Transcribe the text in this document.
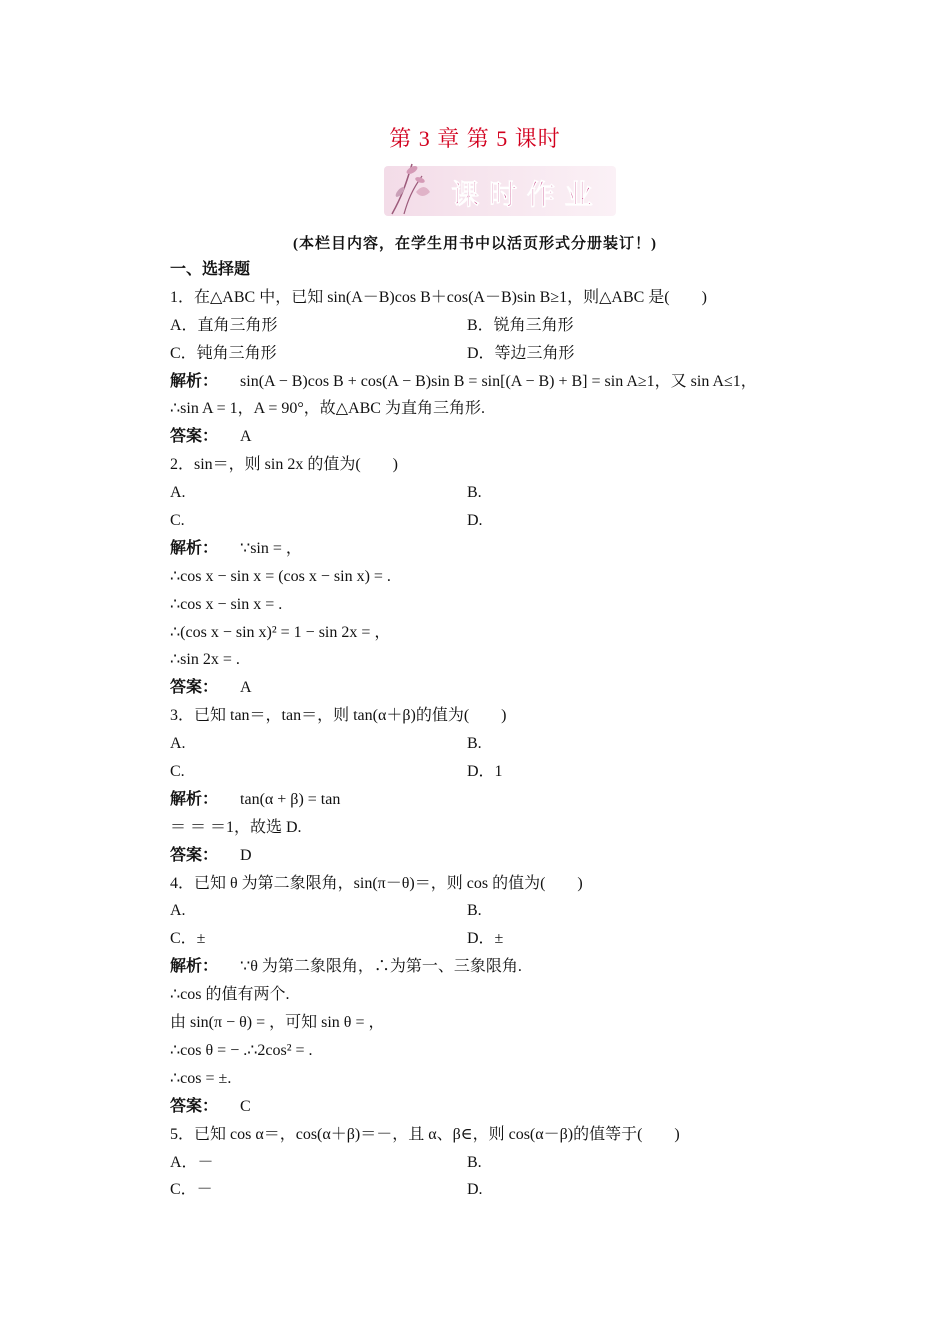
第 3 章 第 5 课时
课 时 作 业
(本栏目内容，在学生用书中以活页形式分册装订！)
一、选择题
1．在△ABC 中，已知 sin(A－B)cos B＋cos(A－B)sin B≥1，则△ABC 是(　　)
A．直角三角形	B．锐角三角形
C．钝角三角形	D．等边三角形
解析： sin(A − B)cos B + cos(A − B)sin B = sin[(A − B) + B] = sin A≥1，又 sin A≤1，
∴sin A = 1，A = 90°，故△ABC 为直角三角形.
答案： A
2．sin＝，则 sin 2x 的值为(　　)
A.	B.
C.	D.
解析： ∵sin = ，
∴cos x − sin x = (cos x − sin x) = .
∴cos x − sin x = .
∴(cos x − sin x)² = 1 − sin 2x = ，
∴sin 2x = .
答案： A
3．已知 tan＝，tan＝，则 tan(α＋β)的值为(　　)
A.	B.
C.	D．1
解析： tan(α + β) = tan
＝ ＝ ＝1，故选 D.
答案： D
4．已知 θ 为第二象限角，sin(π－θ)＝，则 cos 的值为(　　)
A.	B.
C．±	D．±
解析： ∵θ 为第二象限角，∴为第一、三象限角.
∴cos 的值有两个.
由 sin(π − θ) = ，可知 sin θ = ，
∴cos θ = − .∴2cos² = .
∴cos = ±.
答案： C
5．已知 cos α＝，cos(α＋β)＝－，且 α、β∈，则 cos(α－β)的值等于(　　)
A．－	B.
C．－	D.
